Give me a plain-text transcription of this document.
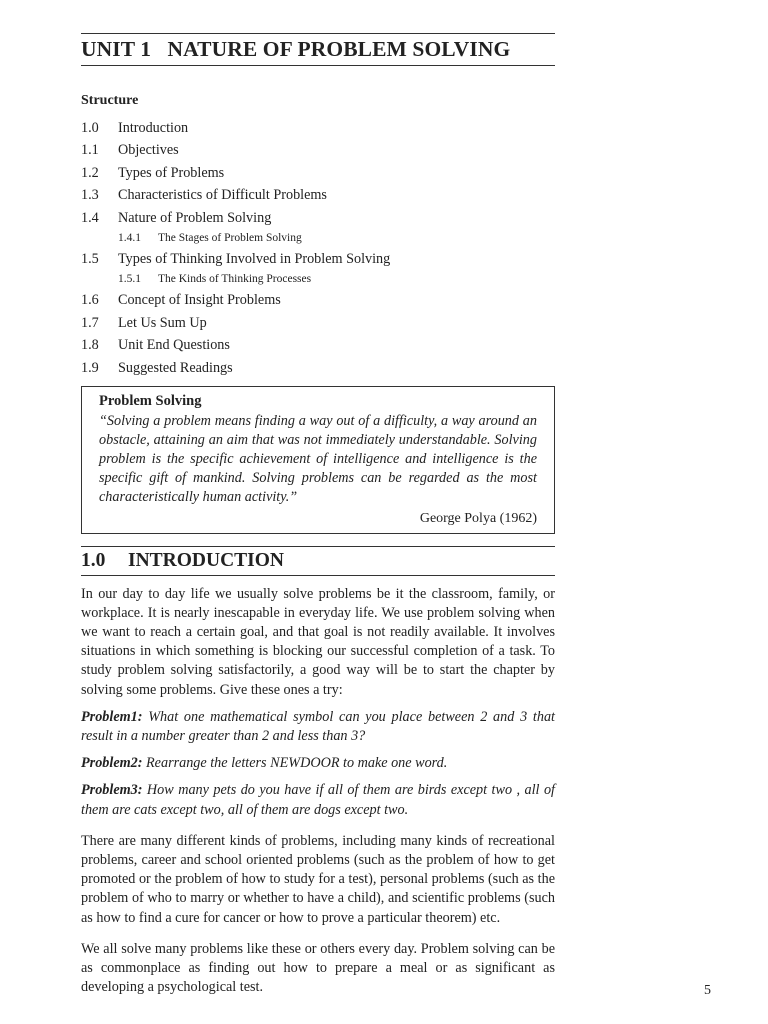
UNIT 1   NATURE OF PROBLEM SOLVING
Structure
1.0	Introduction
1.1	Objectives
1.2	Types of Problems
1.3	Characteristics of Difficult Problems
1.4	Nature of Problem Solving
1.4.1	The Stages of Problem Solving
1.5	Types of Thinking Involved in Problem Solving
1.5.1	The Kinds of Thinking Processes
1.6	Concept of Insight Problems
1.7	Let Us Sum Up
1.8	Unit End Questions
1.9	Suggested Readings
Problem Solving

“Solving a problem means finding a way out of a difficulty, a way around an obstacle, attaining an aim that was not immediately understandable. Solving problem is the specific achievement of intelligence and intelligence is the specific gift of mankind. Solving problems can be regarded as the most characteristically human activity.”

George Polya (1962)
1.0	INTRODUCTION

In our day to day life we usually solve problems be it the classroom, family, or workplace. It is nearly inescapable in everyday life. We use problem solving when we want to reach a certain goal, and that goal is not readily available. It involves situations in which something is blocking our successful completion of a task. To study problem solving satisfactorily, a good way will be to start the chapter by solving some problems. Give these ones a try:

Problem1: What one mathematical symbol can you place between 2 and 3 that result in a number greater than 2 and less than 3?

Problem2: Rearrange the letters NEWDOOR to make one word.

Problem3: How many pets do you have if all of them are birds except two , all of them are cats except two, all of them are dogs except two.

There are many different kinds of problems, including many kinds of recreational problems, career and school oriented problems (such as the problem of how to get promoted or the problem of how to study for a test), personal problems (such as the problem of who to marry or whether to have a child), and scientific problems (such as how to find a cure for cancer or how to prove a particular theorem) etc.

We all solve many problems like these or others every day. Problem solving can be as commonplace as finding out how to prepare a meal or as significant as developing a psychological test.	5
